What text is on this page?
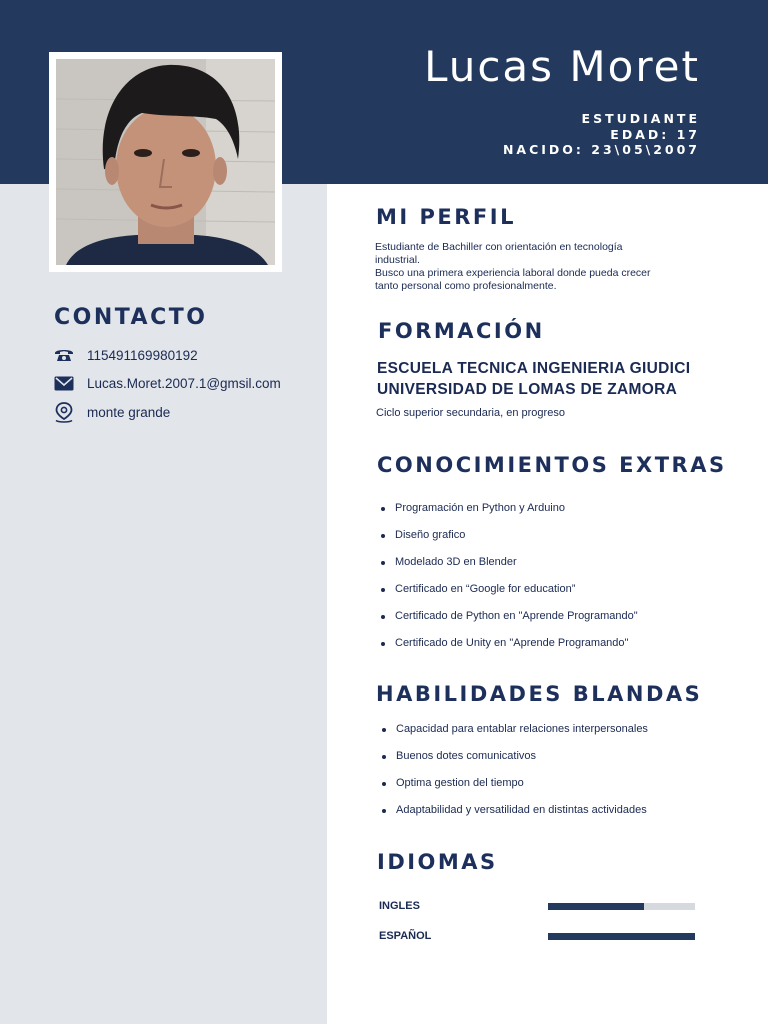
Lucas Moret
ESTUDIANTE
EDAD: 17
NACIDO: 23\05\2007
CONTACTO
115491169980192
Lucas.Moret.2007.1@gmsil.com
monte grande
MI PERFIL
Estudiante de Bachiller con orientación en tecnología
industrial.
Busco una primera experiencia laboral donde pueda crecer
tanto personal como profesionalmente.
FORMACIÓN
ESCUELA TECNICA INGENIERIA GIUDICI
UNIVERSIDAD DE LOMAS DE ZAMORA
Ciclo superior secundaria, en progreso
CONOCIMIENTOS EXTRAS
Programación en Python y Arduino
Diseño grafico
Modelado 3D en Blender
Certificado en “Google for education”
Certificado de Python en "Aprende Programando"
Certificado de Unity en "Aprende Programando"
HABILIDADES BLANDAS
Capacidad para entablar relaciones interpersonales
Buenos dotes comunicativos
Optima gestion del tiempo
Adaptabilidad y versatilidad en distintas actividades
IDIOMAS
INGLES
ESPAÑOL
